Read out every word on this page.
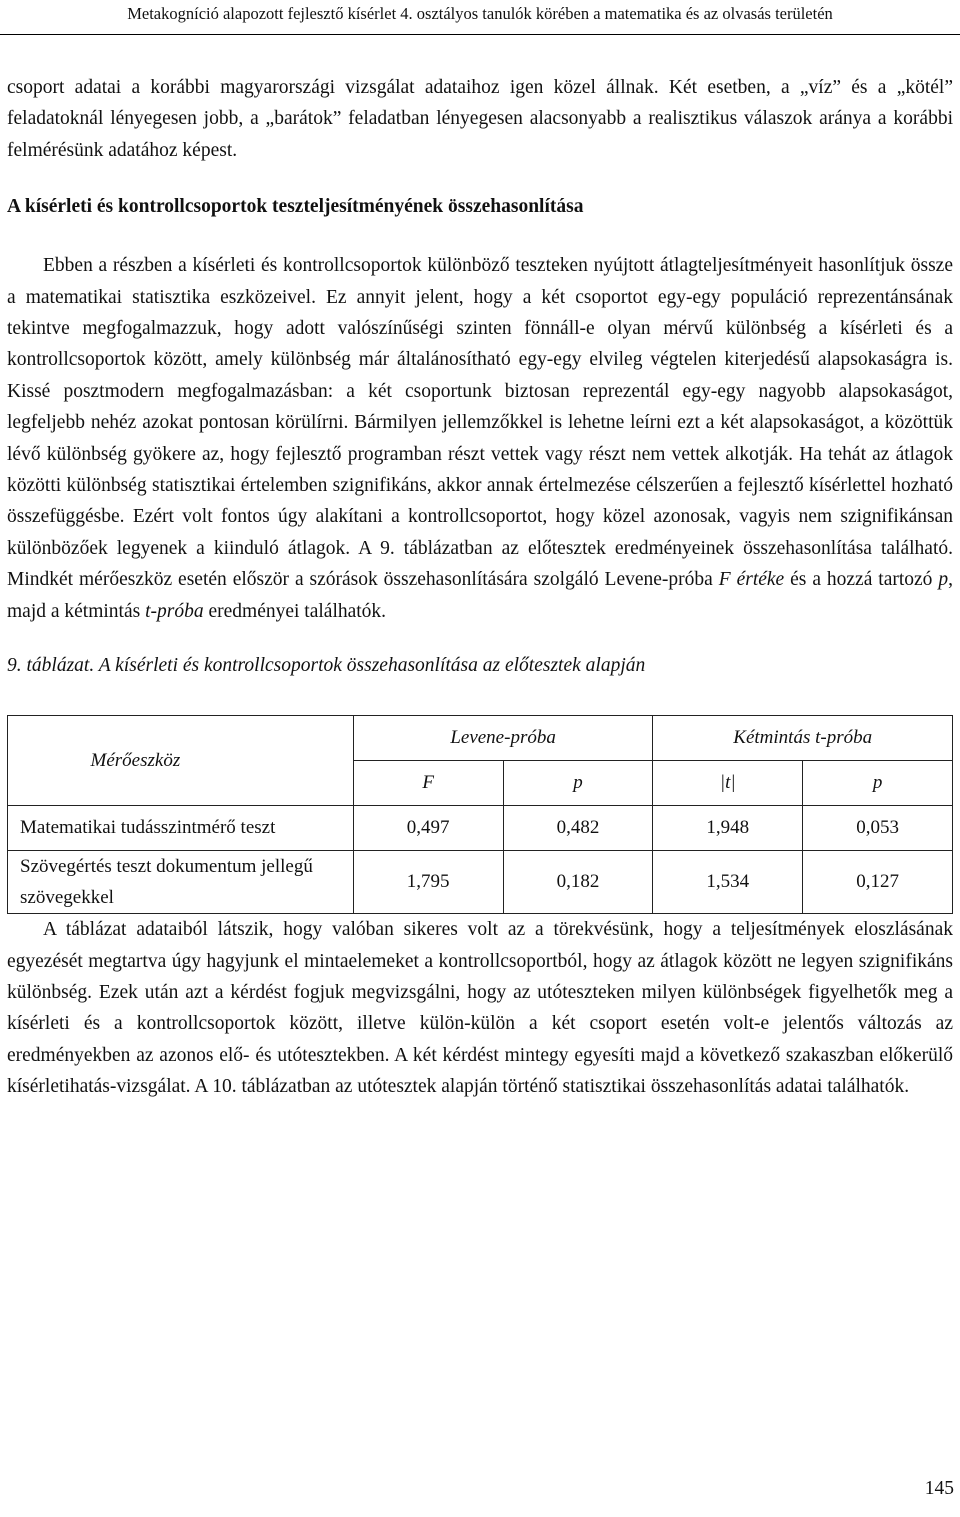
Metakogníció alapozott fejlesztő kísérlet 4. osztályos tanulók körében a matematika és az olvasás területén

csoport adatai a korábbi magyarországi vizsgálat adataihoz igen közel állnak. Két esetben, a „víz” és a „kötél” feladatoknál lényegesen jobb, a „barátok” feladatban lényegesen alacsonyabb a realisztikus válaszok aránya a korábbi felmérésünk adatához képest.

A kísérleti és kontrollcsoportok teszteljesítményének összehasonlítása

Ebben a részben a kísérleti és kontrollcsoportok különböző teszteken nyújtott átlagteljesítményeit hasonlítjuk össze a matematikai statisztika eszközeivel. Ez annyit jelent, hogy a két csoportot egy-egy populáció reprezentánsának tekintve megfogalmazzuk, hogy adott valószínűségi szinten fönnáll-e olyan mérvű különbség a kísérleti és a kontrollcsoportok között, amely különbség már általánosítható egy-egy elvileg végtelen kiterjedésű alapsokaságra is. Kissé posztmodern megfogalmazásban: a két csoportunk biztosan reprezentál egy-egy nagyobb alapsokaságot, legfeljebb nehéz azokat pontosan körülírni. Bármilyen jellemzőkkel is lehetne leírni ezt a két alapsokaságot, a közöttük lévő különbség gyökere az, hogy fejlesztő programban részt vettek vagy részt nem vettek alkotják. Ha tehát az átlagok közötti különbség statisztikai értelemben szignifikáns, akkor annak értelmezése célszerűen a fejlesztő kísérlettel hozható összefüggésbe. Ezért volt fontos úgy alakítani a kontrollcsoportot, hogy közel azonosak, vagyis nem szignifikánsan különbözőek legyenek a kiinduló átlagok. A 9. táblázatban az előtesztek eredményeinek összehasonlítása található. Mindkét mérőeszköz esetén először a szórások összehasonlítására szolgáló Levene-próba F értéke és a hozzá tartozó p, majd a kétmintás t-próba eredményei találhatók.

9. táblázat. A kísérleti és kontrollcsoportok összehasonlítása az előtesztek alapján
Mérőeszköz	Levene-próba		Kétmintás t-próba	
	F	p	|t|	p
Matematikai tudásszintmérő teszt	0,497	0,482	1,948	0,053
Szövegértés teszt dokumentum jellegű szövegekkel	1,795	0,182	1,534	0,127

A táblázat adataiból látszik, hogy valóban sikeres volt az a törekvésünk, hogy a teljesítmények eloszlásának egyezését megtartva úgy hagyjunk el mintaelemeket a kontrollcsoportból, hogy az átlagok között ne legyen szignifikáns különbség. Ezek után azt a kérdést fogjuk megvizsgálni, hogy az utóteszteken milyen különbségek figyelhetők meg a kísérleti és a kontrollcsoportok között, illetve külön-külön a két csoport esetén volt-e jelentős változás az eredményekben az azonos elő- és utótesztekben. A két kérdést mintegy egyesíti majd a következő szakaszban előkerülő kísérletihatás-vizsgálat. A 10. táblázatban az utótesztek alapján történő statisztikai összehasonlítás adatai találhatók.

145
